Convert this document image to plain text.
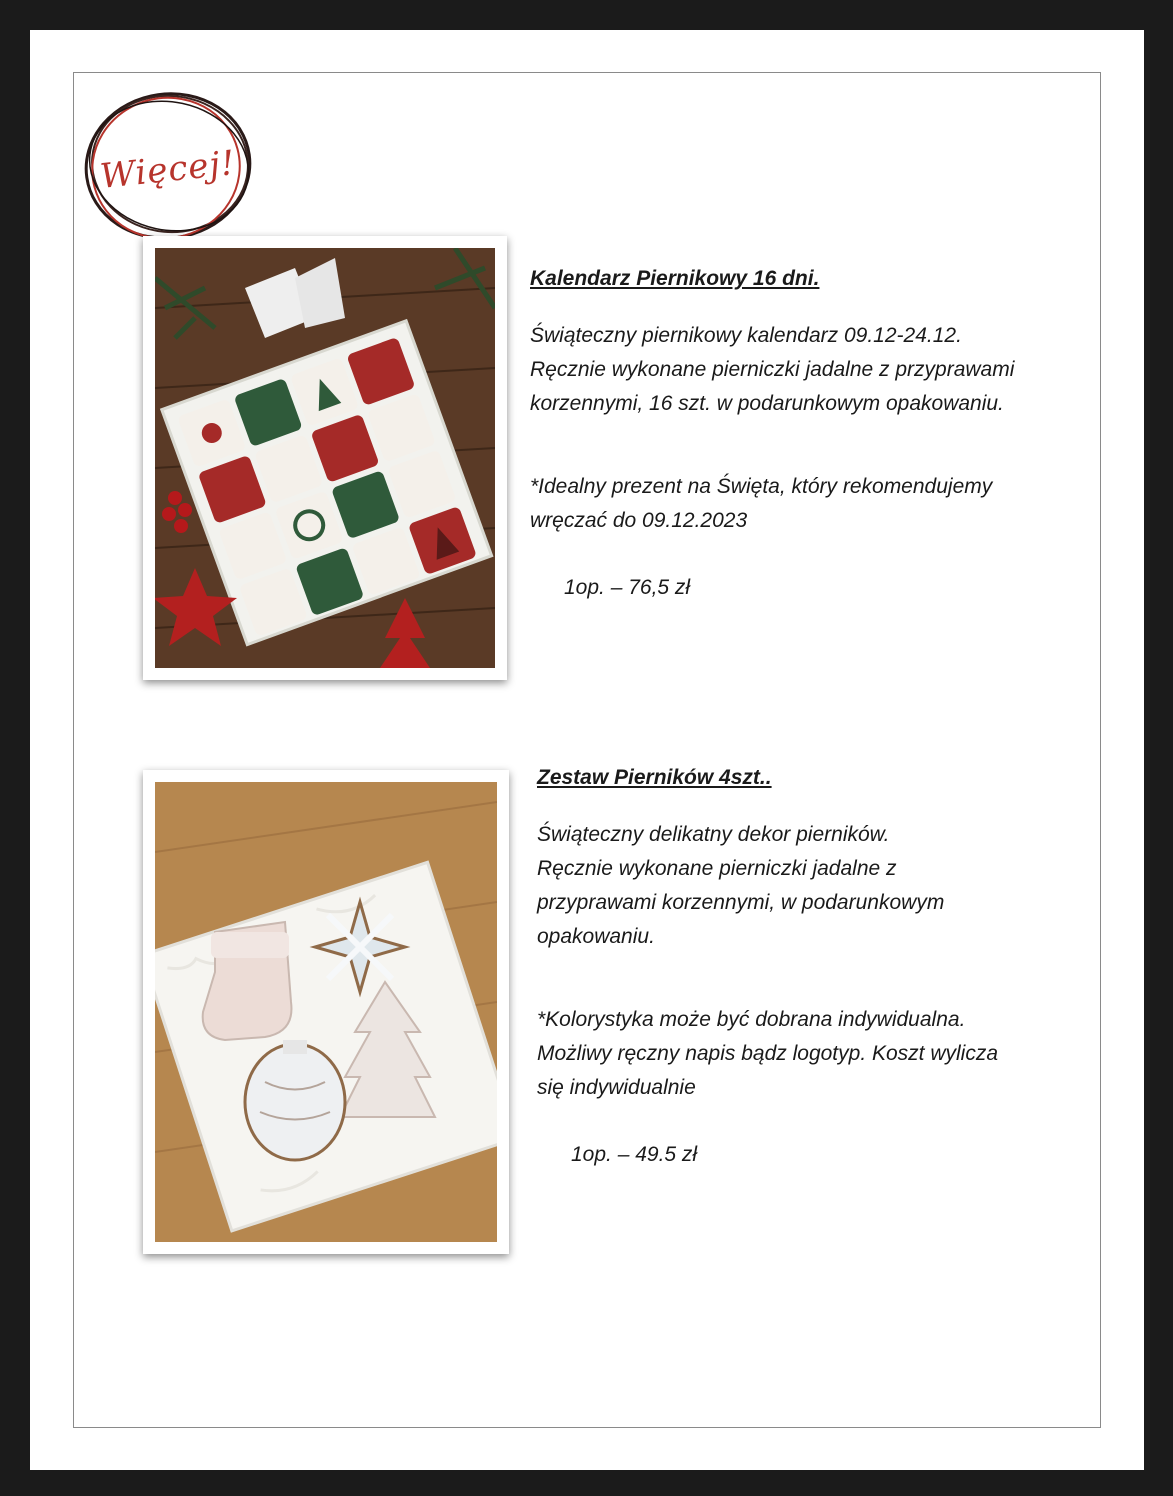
Więcej!

Kalendarz Piernikowy 16 dni.

Świąteczny piernikowy kalendarz 09.12-24.12.

Ręcznie wykonane pierniczki jadalne z przyprawami

korzennymi, 16 szt. w podarunkowym opakowaniu.

*Idealny prezent na Święta, który rekomendujemy

wręczać do 09.12.2023

1op. – 76,5 zł

Zestaw Pierników 4szt..

Świąteczny delikatny dekor pierników.

Ręcznie wykonane pierniczki jadalne z

przyprawami korzennymi, w podarunkowym

opakowaniu.

*Kolorystyka może być dobrana indywidualna.

Możliwy ręczny napis bądz logotyp. Koszt wylicza

się indywidualnie

1op. – 49.5 zł
